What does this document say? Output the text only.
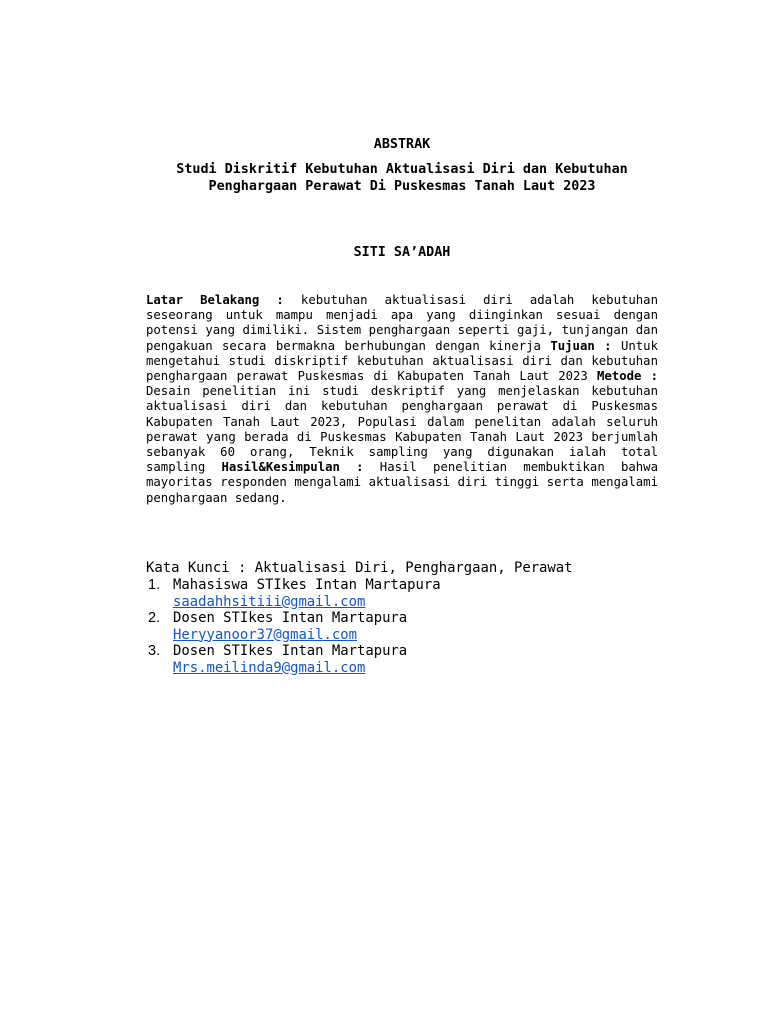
ABSTRAK
Studi Diskritif Kebutuhan Aktualisasi Diri dan Kebutuhan Penghargaan Perawat Di Puskesmas Tanah Laut 2023
SITI SA’ADAH

Latar Belakang : kebutuhan aktualisasi diri adalah kebutuhan seseorang untuk mampu menjadi apa yang diinginkan sesuai dengan potensi yang dimiliki. Sistem penghargaan seperti gaji, tunjangan dan pengakuan secara bermakna berhubungan dengan kinerja Tujuan : Untuk mengetahui studi diskriptif kebutuhan aktualisasi diri dan kebutuhan penghargaan perawat Puskesmas di Kabupaten Tanah Laut 2023 Metode : Desain penelitian ini studi deskriptif yang menjelaskan kebutuhan aktualisasi diri dan kebutuhan penghargaan perawat di Puskesmas Kabupaten Tanah Laut 2023, Populasi dalam penelitan adalah seluruh perawat yang berada di Puskesmas Kabupaten Tanah Laut 2023 berjumlah sebanyak 60 orang, Teknik sampling yang digunakan ialah total sampling Hasil&Kesimpulan : Hasil penelitian membuktikan bahwa mayoritas responden mengalami aktualisasi diri tinggi serta mengalami penghargaan sedang.

Kata Kunci : Aktualisasi Diri, Penghargaan, Perawat
1. Mahasiswa STIkes Intan Martapura
saadahhsitiii@gmail.com
2. Dosen STIkes Intan Martapura
Heryyanoor37@gmail.com
3. Dosen STIkes Intan Martapura
Mrs.meilinda9@gmail.com
